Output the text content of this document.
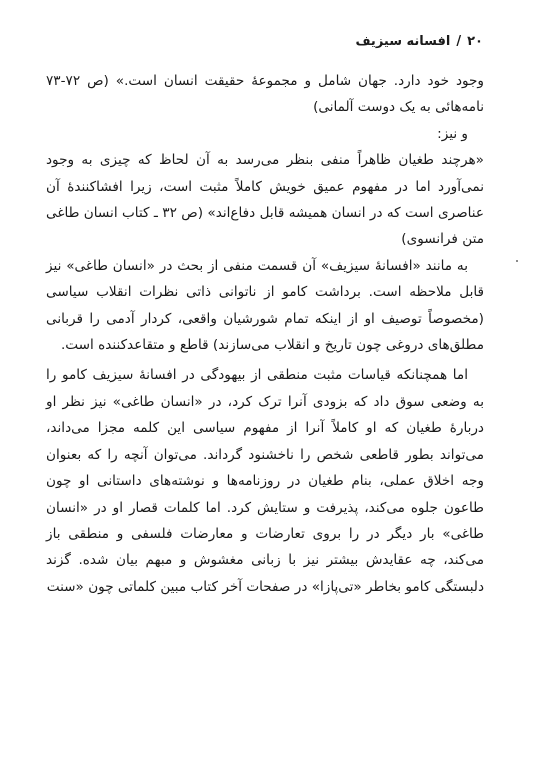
۲۰/افسانه سیزیف

وجود خود دارد. جهان شامل و مجموعهٔ حقیقت انسان است.» (ص ۷۲-۷۳ نامه‌هائی به یک دوست آلمانی)

و نیز:

«هرچند طغیان ظاهراً منفی بنظر می‌رسد به آن لحاظ که چیزی به وجود نمی‌آورد اما در مفهوم عمیق خویش کاملاً مثبت است، زیرا افشاکنندهٔ آن عناصری است که در انسان همیشه قابل دفاع‌اند» (ص ۳۲ ـ کتاب انسان طاغی متن فرانسوی)

به مانند «افسانهٔ سیزیف» آن قسمت منفی از بحث در «انسان طاغی» نیز قابل ملاحظه است. برداشت کامو از ناتوانی ذاتی نظرات انقلاب سیاسی (مخصوصاً توصیف او از اینکه تمام شورشیان واقعی، کردار آدمی را قربانی مطلق‌های دروغی چون تاریخ و انقلاب می‌سازند) قاطع و متقاعدکننده است.

اما همچنانکه قیاسات مثبت منطقی از بیهودگی در افسانهٔ سیزیف کامو را به وضعی سوق داد که بزودی آنرا ترک کرد، در «انسان طاغی» نیز نظر او دربارهٔ طغیان که او کاملاً آنرا از مفهوم سیاسی این کلمه مجزا می‌داند، می‌تواند بطور قاطعی شخص را ناخشنود گرداند. می‌توان آنچه را که بعنوان وجه اخلاق عملی، بنام طغیان در روزنامه‌ها و نوشته‌های داستانی او چون طاعون جلوه می‌کند، پذیرفت و ستایش کرد. اما کلمات قصار او در «انسان طاغی» بار دیگر در را بروی تعارضات و معارضات فلسفی و منطقی باز می‌کند، چه عقایدش بیشتر نیز با زبانی مغشوش و مبهم بیان شده. گزند دلبستگی کامو بخاطر «تی‌پازا» در صفحات آخر کتاب مبین کلماتی چون «سنت
